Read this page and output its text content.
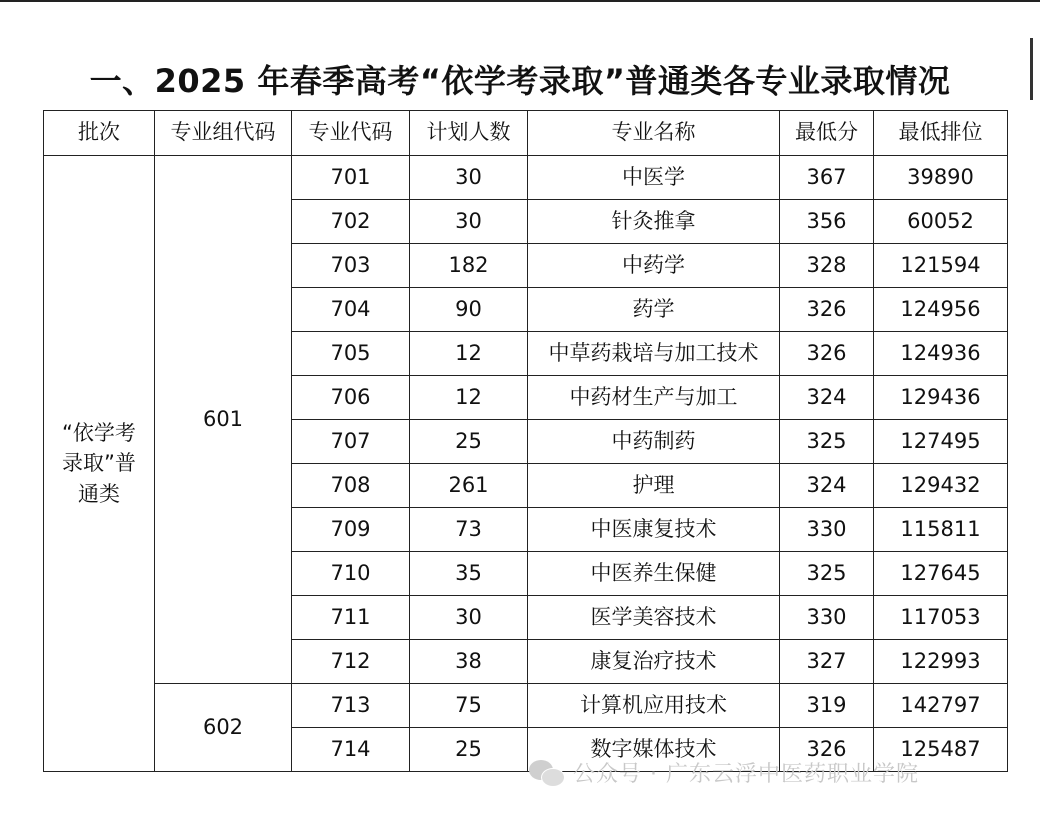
一、2025 年春季高考“依学考录取”普通类各专业录取情况
批次	专业组代码	专业代码	计划人数	专业名称	最低分	最低排位
“依学考录取”普通类	601	701	30	中医学	367	39890
		702	30	针灸推拿	356	60052
		703	182	中药学	328	121594
		704	90	药学	326	124956
		705	12	中草药栽培与加工技术	326	124936
		706	12	中药材生产与加工	324	129436
		707	25	中药制药	325	127495
		708	261	护理	324	129432
		709	73	中医康复技术	330	115811
		710	35	中医养生保健	325	127645
		711	30	医学美容技术	330	117053
		712	38	康复治疗技术	327	122993
	602	713	75	计算机应用技术	319	142797
		714	25	数字媒体技术	326	125487
公众号 · 广东云浮中医药职业学院
